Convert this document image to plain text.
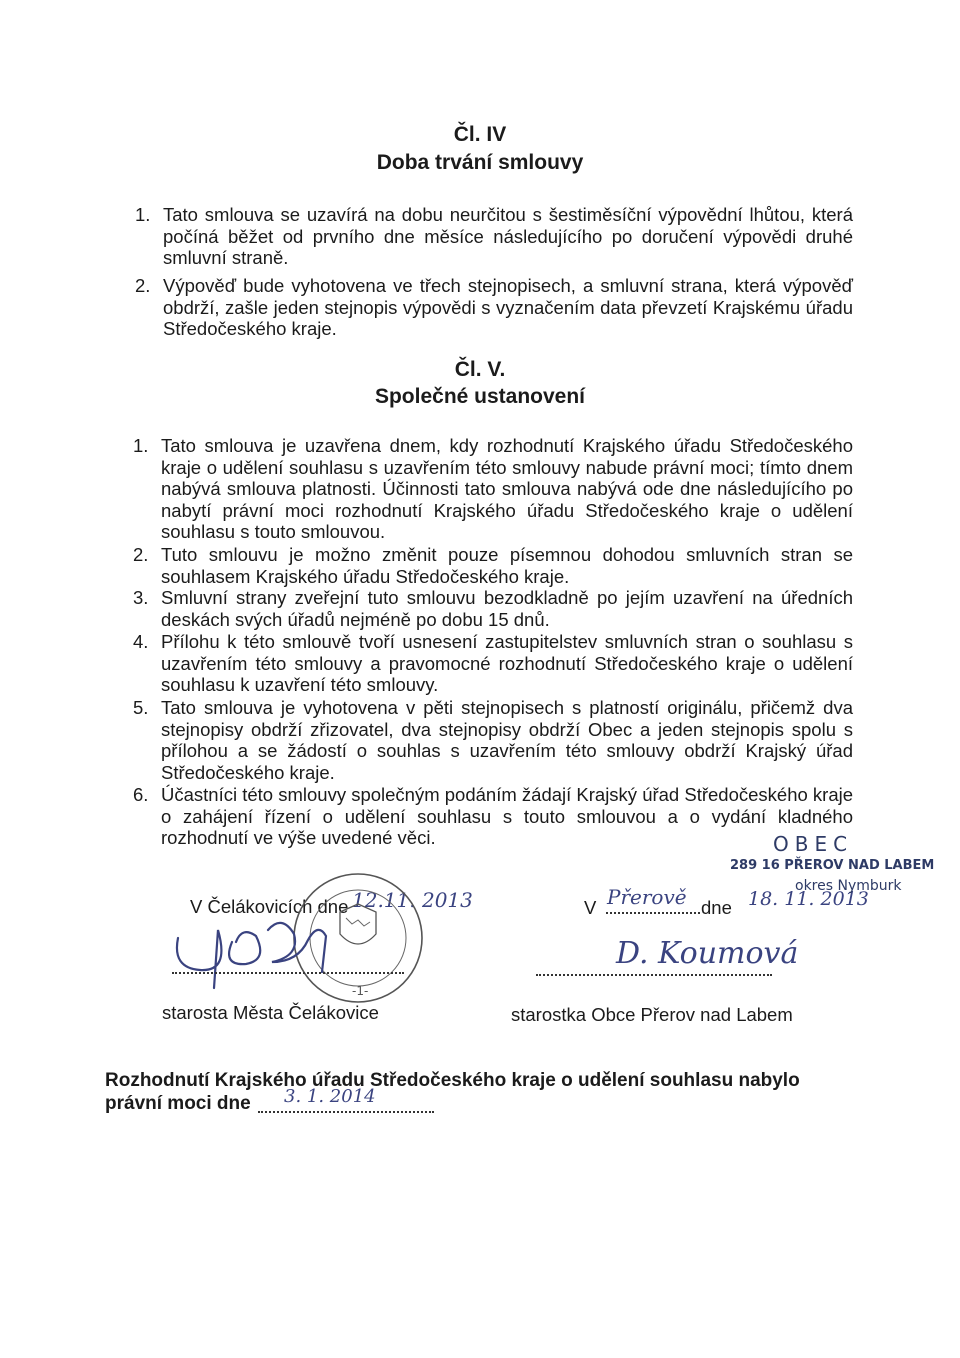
Čl. IV
Doba trvání smlouvy
1. Tato smlouva se uzavírá na dobu neurčitou s šestiměsíční výpovědní lhůtou, která počíná běžet od prvního dne měsíce následujícího po doručení výpovědi druhé smluvní straně.
2. Výpověď bude vyhotovena ve třech stejnopisech, a smluvní strana, která výpověď obdrží, zašle jeden stejnopis výpovědi s vyznačením data převzetí Krajskému úřadu Středočeského kraje.
Čl. V.
Společné ustanovení
1. Tato smlouva je uzavřena dnem, kdy rozhodnutí Krajského úřadu Středočeského kraje o udělení souhlasu s uzavřením této smlouvy nabude právní moci; tímto dnem nabývá smlouva platnosti. Účinnosti tato smlouva nabývá ode dne následujícího po nabytí právní moci rozhodnutí Krajského úřadu Středočeského kraje o udělení souhlasu s touto smlouvou.
2. Tuto smlouvu je možno změnit pouze písemnou dohodou smluvních stran se souhlasem Krajského úřadu Středočeského kraje.
3. Smluvní strany zveřejní tuto smlouvu bezodkladně po jejím uzavření na úředních deskách svých úřadů nejméně po dobu 15 dnů.
4. Přílohu k této smlouvě tvoří usnesení zastupitelstev smluvních stran o souhlasu s uzavřením této smlouvy a pravomocné rozhodnutí Středočeského kraje o udělení souhlasu k uzavření této smlouvy.
5. Tato smlouva je vyhotovena v pěti stejnopisech s platností originálu, přičemž dva stejnopisy obdrží zřizovatel, dva stejnopisy obdrží Obec a jeden stejnopis spolu s přílohou a se žádostí o souhlas s uzavřením této smlouvy obdrží Krajský úřad Středočeského kraje.
6. Účastníci této smlouvy společným podáním žádají Krajský úřad Středočeského kraje o zahájení řízení o udělení souhlasu s touto smlouvou a o vydání kladného rozhodnutí ve výše uvedené věci.
V Čelákovicích dne 12.11. 2013
-1-
starosta Města Čelákovice
V Přerově dne 18. 11. 2013
OBEC
289 16 PŘEROV NAD LABEM
okres Nymburk
D. Koumová
starostka Obce Přerov nad Labem
Rozhodnutí Krajského úřadu Středočeského kraje o udělení souhlasu nabylo
právní moci dne 3. 1. 2014
